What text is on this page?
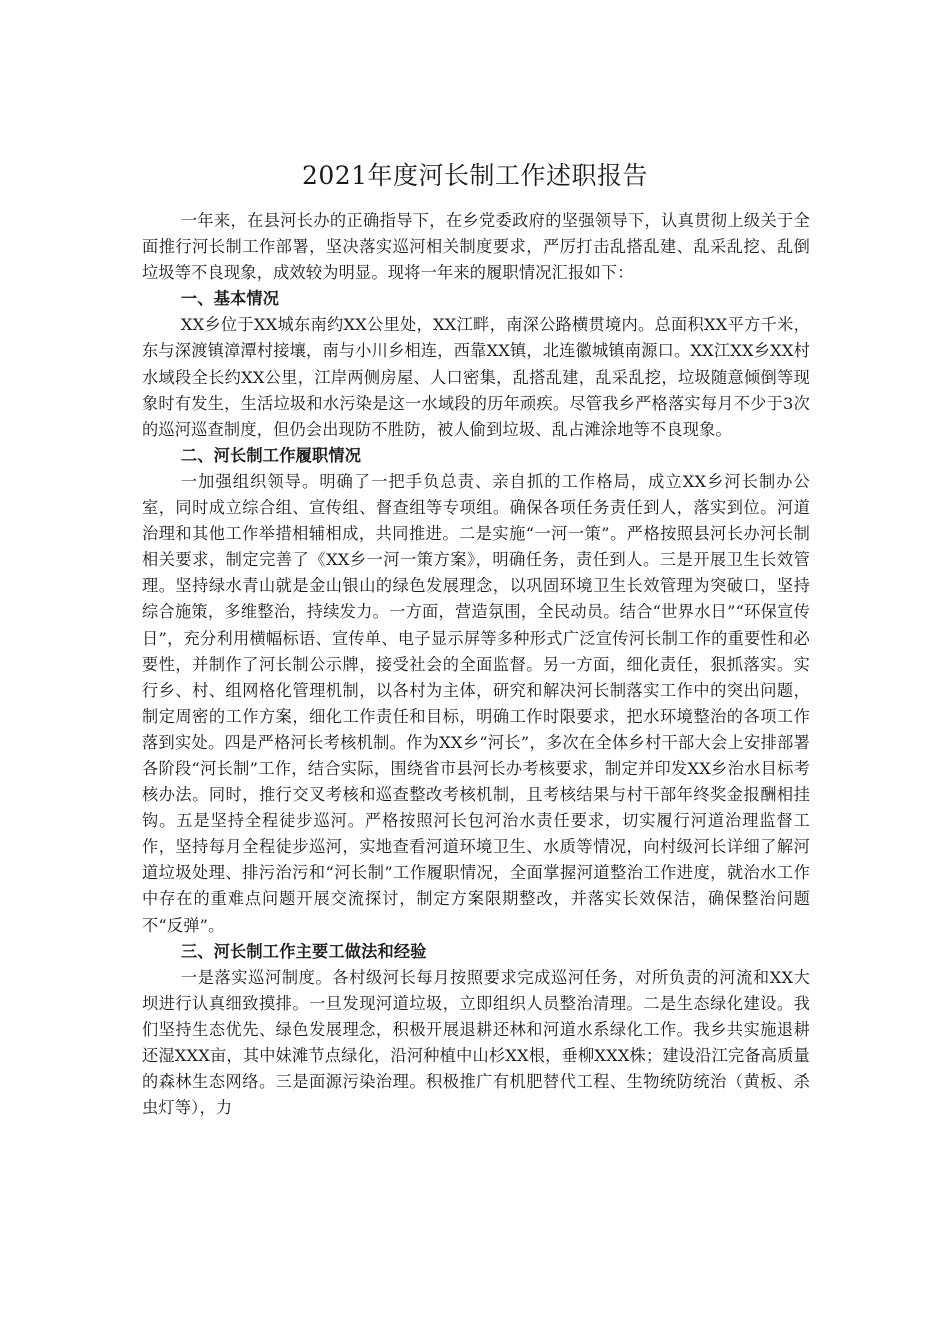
2021年度河长制工作述职报告

一年来，在县河长办的正确指导下，在乡党委政府的坚强领导下，认真贯彻上级关于全面推行河长制工作部署，坚决落实巡河相关制度要求，严厉打击乱搭乱建、乱采乱挖、乱倒垃圾等不良现象，成效较为明显。现将一年来的履职情况汇报如下：

一、基本情况

XX乡位于XX城东南约XX公里处，XX江畔，南深公路横贯境内。总面积XX平方千米，东与深渡镇漳潭村接壤，南与小川乡相连，西靠XX镇，北连徽城镇南源口。XX江XX乡XX村水域段全长约XX公里，江岸两侧房屋、人口密集，乱搭乱建，乱采乱挖，垃圾随意倾倒等现象时有发生，生活垃圾和水污染是这一水域段的历年顽疾。尽管我乡严格落实每月不少于3次的巡河巡查制度，但仍会出现防不胜防，被人偷到垃圾、乱占滩涂地等不良现象。

二、河长制工作履职情况

一加强组织领导。明确了一把手负总责、亲自抓的工作格局，成立XX乡河长制办公室，同时成立综合组、宣传组、督查组等专项组。确保各项任务责任到人，落实到位。河道治理和其他工作举措相辅相成，共同推进。二是实施“一河一策”。严格按照县河长办河长制相关要求，制定完善了《XX乡一河一策方案》，明确任务，责任到人。三是开展卫生长效管理。坚持绿水青山就是金山银山的绿色发展理念，以巩固环境卫生长效管理为突破口，坚持综合施策，多维整治，持续发力。一方面，营造氛围，全民动员。结合“世界水日”“环保宣传日”，充分利用横幅标语、宣传单、电子显示屏等多种形式广泛宣传河长制工作的重要性和必要性，并制作了河长制公示牌，接受社会的全面监督。另一方面，细化责任，狠抓落实。实行乡、村、组网格化管理机制，以各村为主体，研究和解决河长制落实工作中的突出问题，制定周密的工作方案，细化工作责任和目标，明确工作时限要求，把水环境整治的各项工作落到实处。四是严格河长考核机制。作为XX乡“河长”，多次在全体乡村干部大会上安排部署各阶段“河长制”工作，结合实际，围绕省市县河长办考核要求，制定并印发XX乡治水目标考核办法。同时，推行交叉考核和巡查整改考核机制，且考核结果与村干部年终奖金报酬相挂钩。五是坚持全程徒步巡河。严格按照河长包河治水责任要求，切实履行河道治理监督工作，坚持每月全程徒步巡河，实地查看河道环境卫生、水质等情况，向村级河长详细了解河道垃圾处理、排污治污和“河长制”工作履职情况，全面掌握河道整治工作进度，就治水工作中存在的重难点问题开展交流探讨，制定方案限期整改，并落实长效保洁，确保整治问题不“反弹”。

三、河长制工作主要工做法和经验

一是落实巡河制度。各村级河长每月按照要求完成巡河任务，对所负责的河流和XX大坝进行认真细致摸排。一旦发现河道垃圾，立即组织人员整治清理。二是生态绿化建设。我们坚持生态优先、绿色发展理念，积极开展退耕还林和河道水系绿化工作。我乡共实施退耕还湿XXX亩，其中妹滩节点绿化，沿河种植中山杉XX根，垂柳XXX株；建设沿江完备高质量的森林生态网络。三是面源污染治理。积极推广有机肥替代工程、生物统防统治（黄板、杀虫灯等），力
